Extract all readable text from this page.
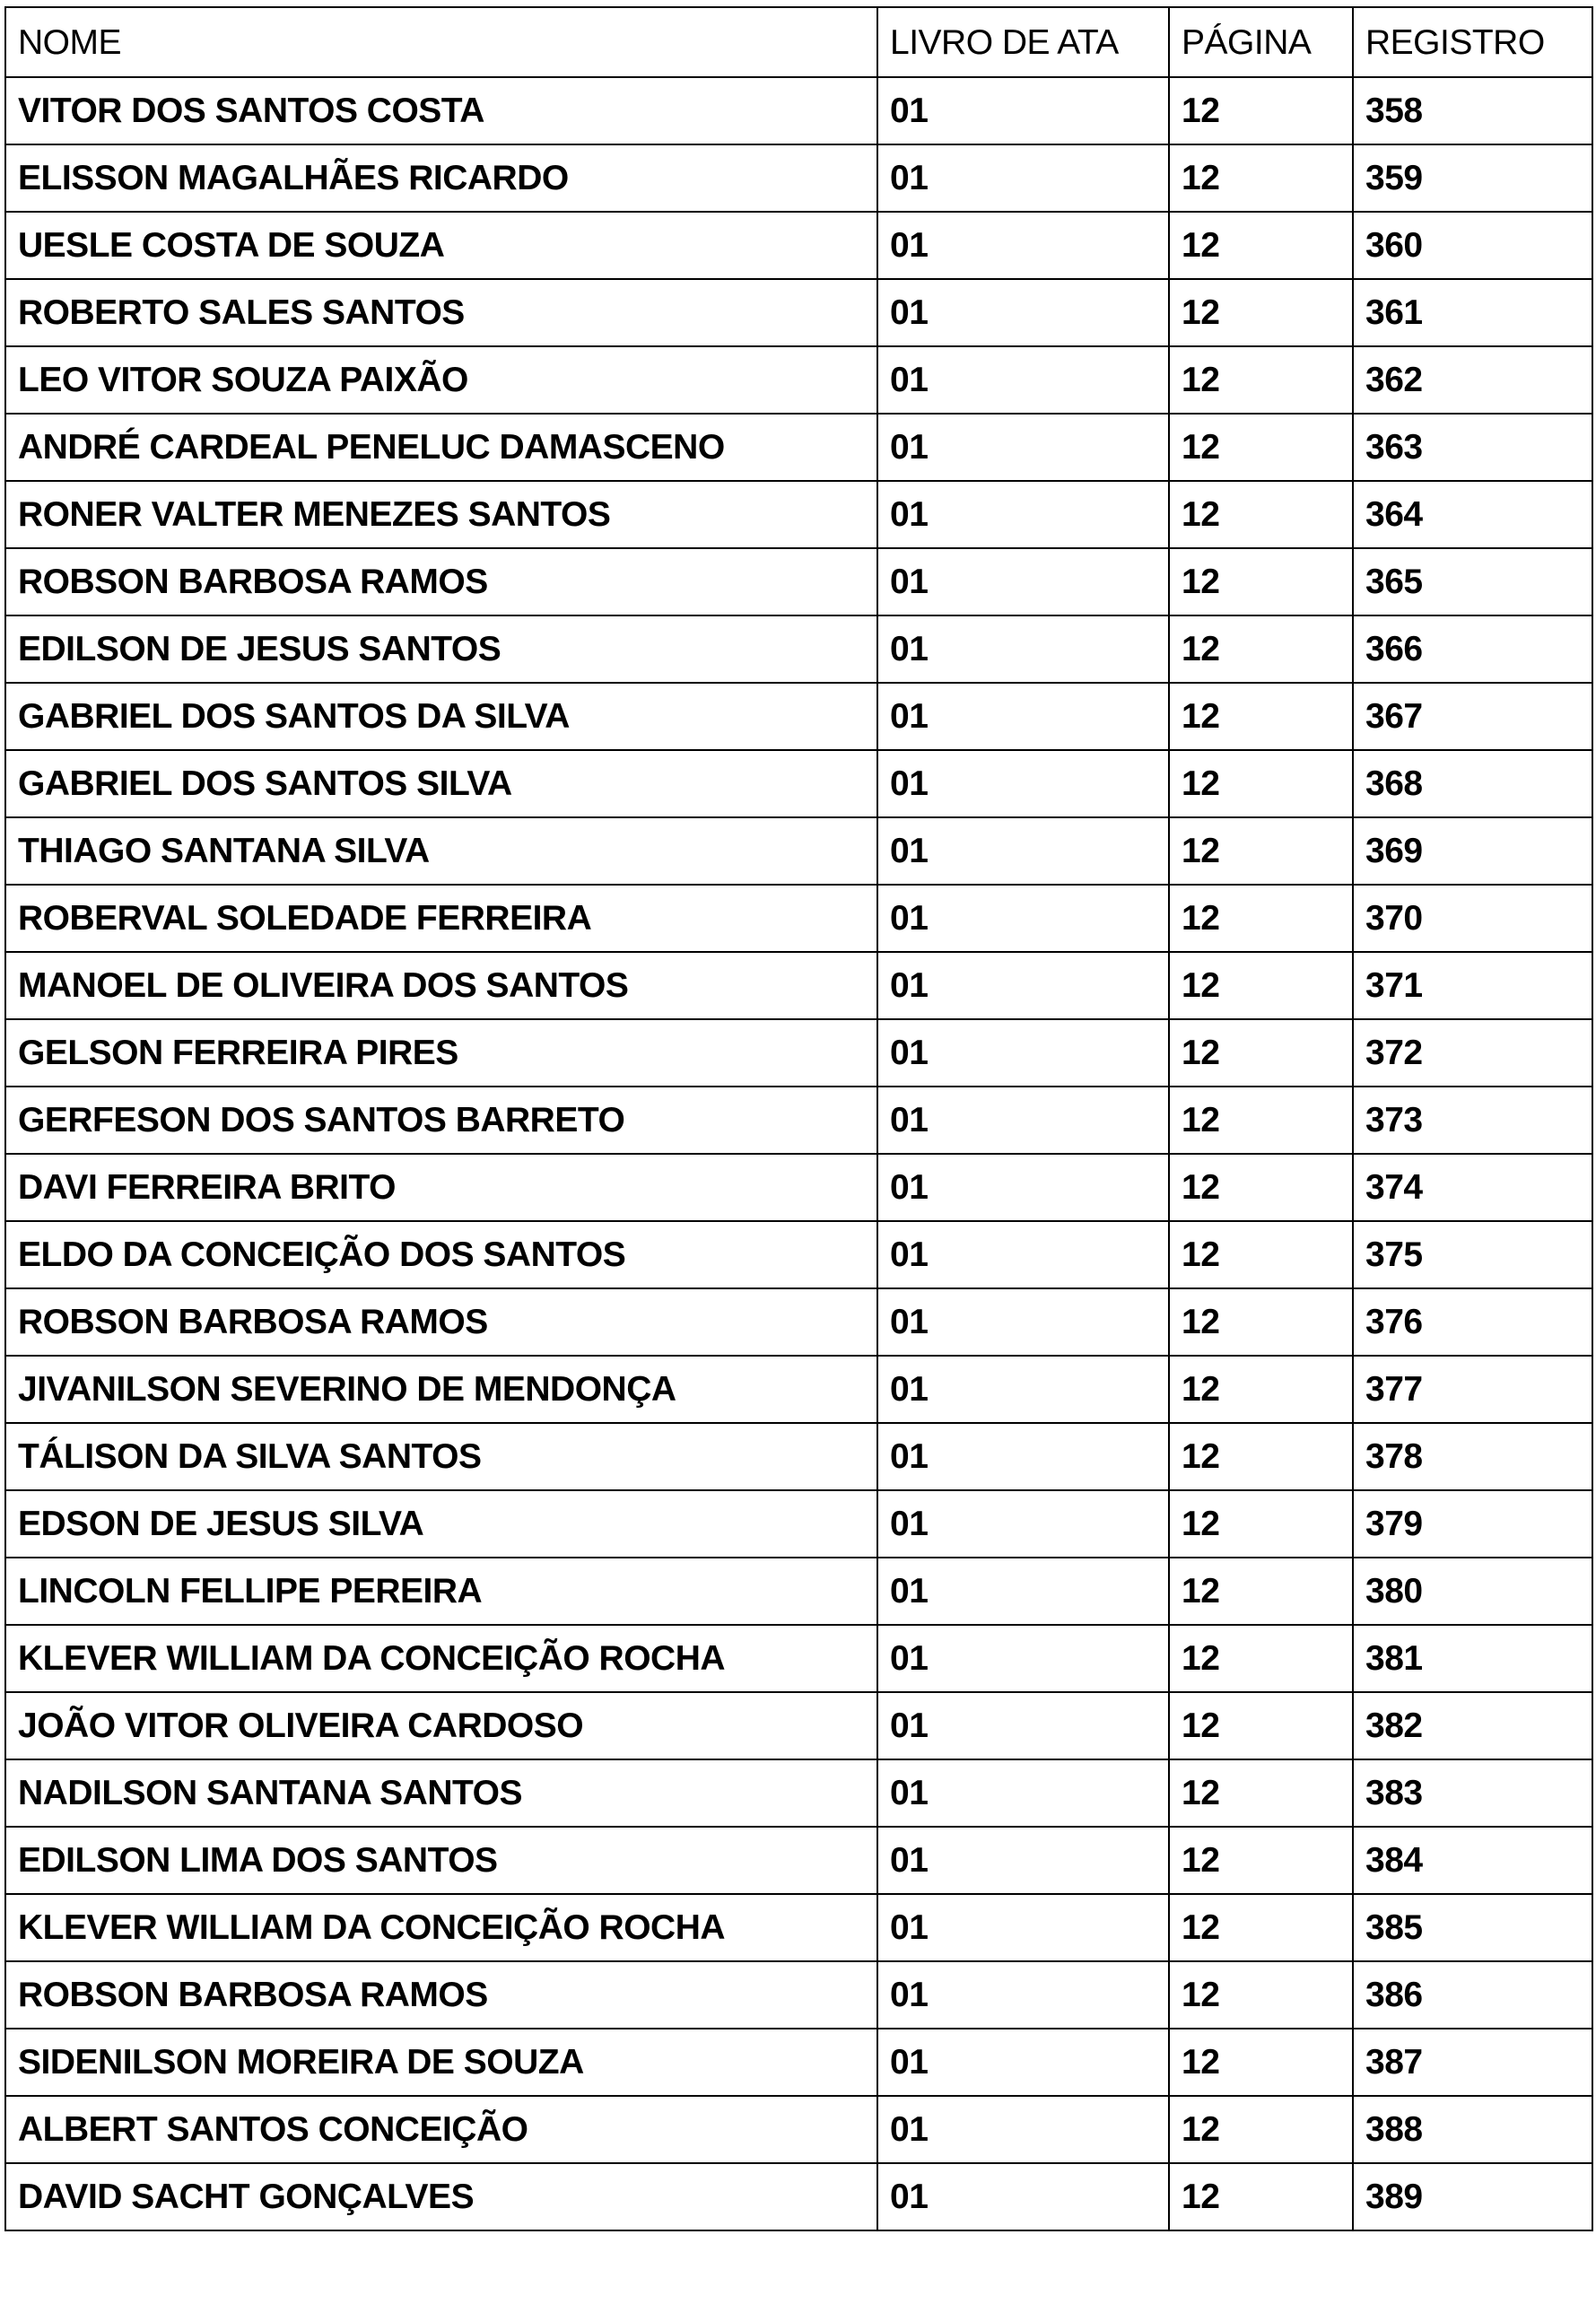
NOME	LIVRO DE ATA	PÁGINA	REGISTRO
VITOR DOS SANTOS COSTA	01	12	358
ELISSON MAGALHÃES RICARDO	01	12	359
UESLE COSTA DE SOUZA	01	12	360
ROBERTO SALES SANTOS	01	12	361
LEO VITOR SOUZA PAIXÃO	01	12	362
ANDRÉ CARDEAL PENELUC DAMASCENO	01	12	363
RONER VALTER MENEZES SANTOS	01	12	364
ROBSON BARBOSA RAMOS	01	12	365
EDILSON DE JESUS SANTOS	01	12	366
GABRIEL DOS SANTOS DA SILVA	01	12	367
GABRIEL DOS SANTOS SILVA	01	12	368
THIAGO SANTANA SILVA	01	12	369
ROBERVAL SOLEDADE FERREIRA	01	12	370
MANOEL DE OLIVEIRA DOS SANTOS	01	12	371
GELSON FERREIRA PIRES	01	12	372
GERFESON DOS SANTOS BARRETO	01	12	373
DAVI FERREIRA BRITO	01	12	374
ELDO DA CONCEIÇÃO DOS SANTOS	01	12	375
ROBSON BARBOSA RAMOS	01	12	376
JIVANILSON SEVERINO DE MENDONÇA	01	12	377
TÁLISON DA SILVA SANTOS	01	12	378
EDSON DE JESUS SILVA	01	12	379
LINCOLN FELLIPE PEREIRA	01	12	380
KLEVER WILLIAM DA CONCEIÇÃO ROCHA	01	12	381
JOÃO VITOR OLIVEIRA CARDOSO	01	12	382
NADILSON SANTANA SANTOS	01	12	383
EDILSON LIMA DOS SANTOS	01	12	384
KLEVER WILLIAM DA CONCEIÇÃO ROCHA	01	12	385
ROBSON BARBOSA RAMOS	01	12	386
SIDENILSON MOREIRA DE SOUZA	01	12	387
ALBERT SANTOS CONCEIÇÃO	01	12	388
DAVID SACHT GONÇALVES	01	12	389
